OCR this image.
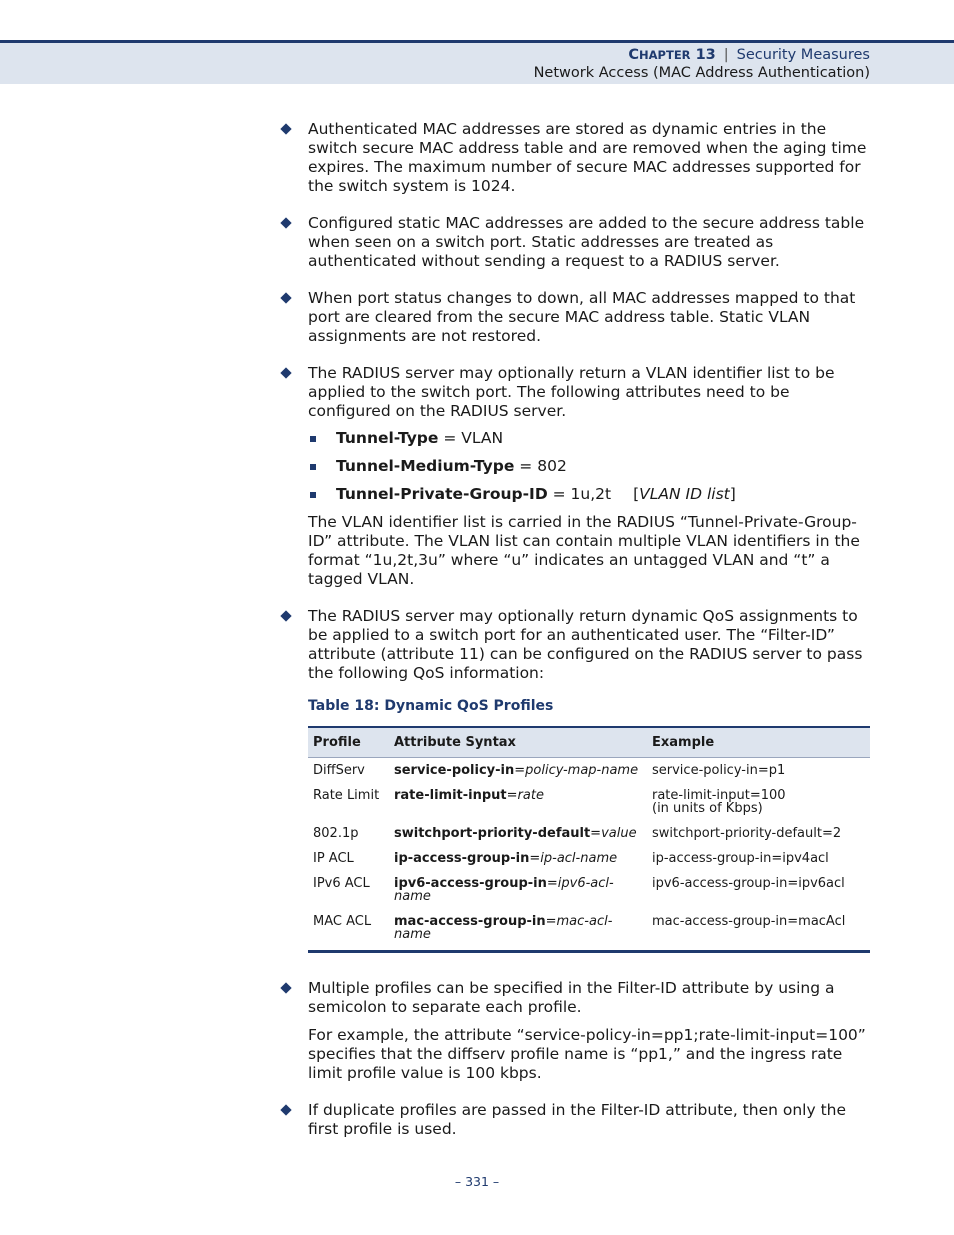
CHAPTER 13 | Security Measures
Network Access (MAC Address Authentication)

Authenticated MAC addresses are stored as dynamic entries in the switch secure MAC address table and are removed when the aging time expires. The maximum number of secure MAC addresses supported for the switch system is 1024.

Configured static MAC addresses are added to the secure address table when seen on a switch port. Static addresses are treated as authenticated without sending a request to a RADIUS server.

When port status changes to down, all MAC addresses mapped to that port are cleared from the secure MAC address table. Static VLAN assignments are not restored.

The RADIUS server may optionally return a VLAN identifier list to be applied to the switch port. The following attributes need to be configured on the RADIUS server.

Tunnel-Type = VLAN
Tunnel-Medium-Type = 802
Tunnel-Private-Group-ID = 1u,2t [VLAN ID list]

The VLAN identifier list is carried in the RADIUS “Tunnel-Private-Group-ID” attribute. The VLAN list can contain multiple VLAN identifiers in the format “1u,2t,3u” where “u” indicates an untagged VLAN and “t” a tagged VLAN.

The RADIUS server may optionally return dynamic QoS assignments to be applied to a switch port for an authenticated user. The “Filter-ID” attribute (attribute 11) can be configured on the RADIUS server to pass the following QoS information:

Table 18: Dynamic QoS Profiles
Profile	Attribute Syntax	Example
DiffServ	service-policy-in=policy-map-name	service-policy-in=p1

Rate Limit	rate-limit-input=rate	rate-limit-input=100
(in units of Kbps)

802.1p	switchport-priority-default=value	switchport-priority-default=2

IP ACL	ip-access-group-in=ip-acl-name	ip-access-group-in=ipv4acl

IPv6 ACL	ipv6-access-group-in=ipv6-acl-name	ipv6-access-group-in=ipv6acl

MAC ACL	mac-access-group-in=mac-acl-name	mac-access-group-in=macAcl

Multiple profiles can be specified in the Filter-ID attribute by using a semicolon to separate each profile.

For example, the attribute “service-policy-in=pp1;rate-limit-input=100” specifies that the diffserv profile name is “pp1,” and the ingress rate limit profile value is 100 kbps.

If duplicate profiles are passed in the Filter-ID attribute, then only the first profile is used.

– 331 –
